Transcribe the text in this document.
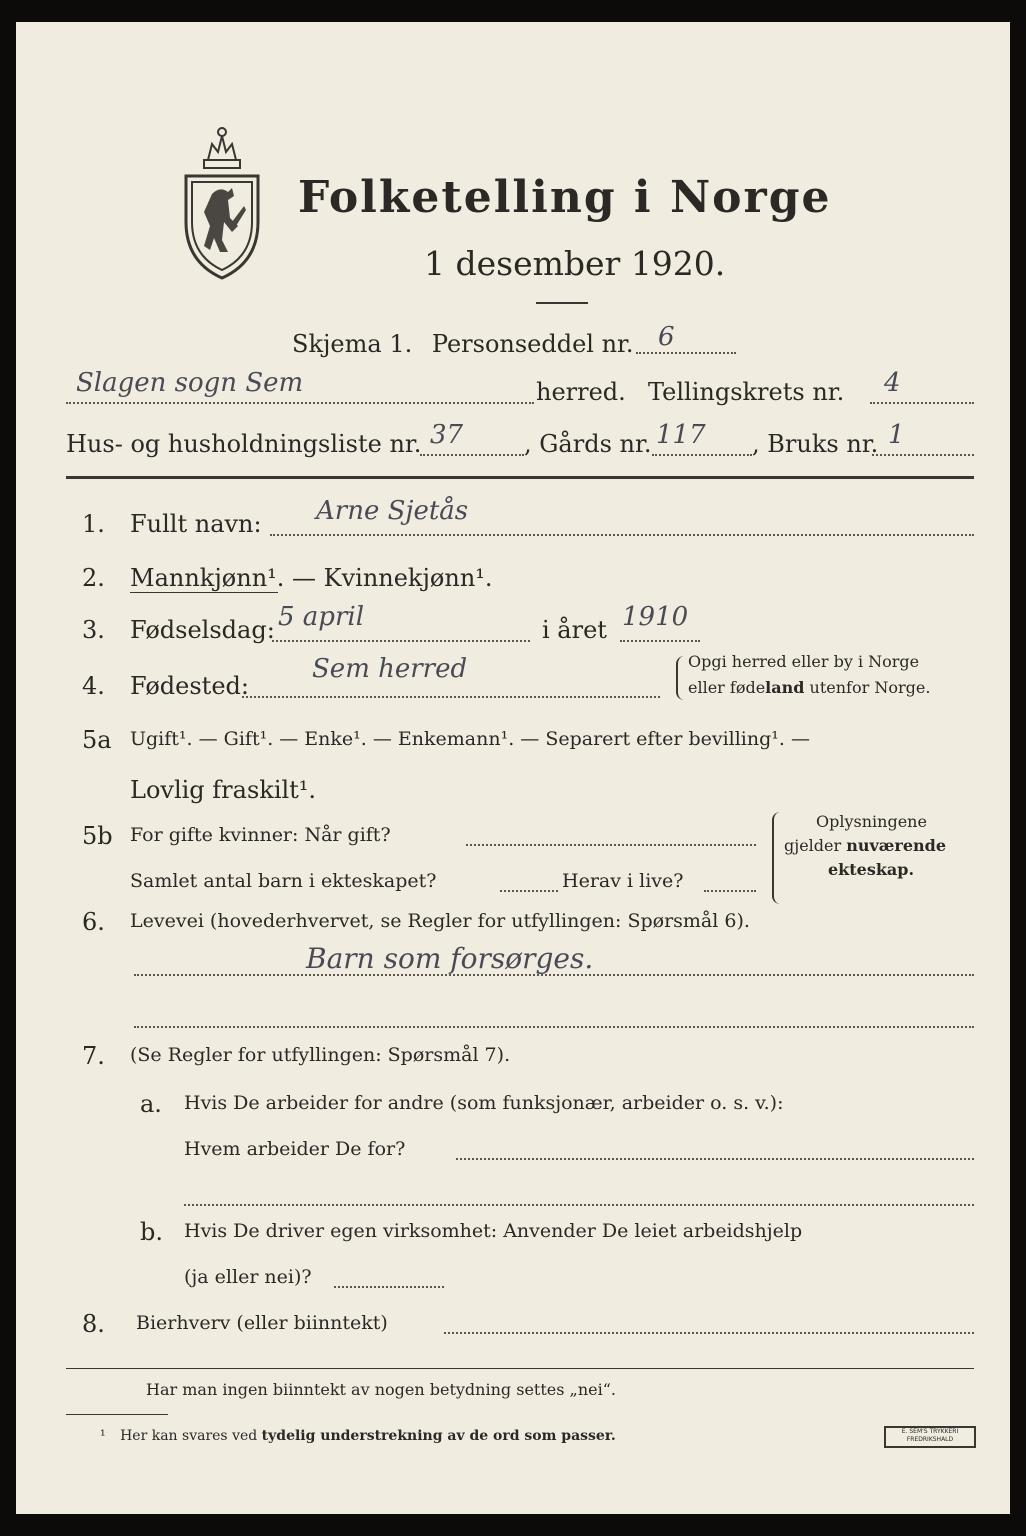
Folketelling i Norge
1 desember 1920.
Skjema 1. Personseddel nr. 6
Slagen sogn Sem	herred. Tellingskrets nr. 4
Hus- og husholdningsliste nr. 37	, Gårds nr. 117 , Bruks nr. 1
1. Fullt navn: Arne Sjetås
2. Mannkjønn¹. — Kvinnekjønn¹.
3. Fødselsdag: 5 april	i året 1910
4. Fødested:
Sem herred	Opgi herred eller by i Norge
eller fødeland utenfor Norge.
5a Ugift¹. — Gift¹. — Enke¹. — Enkemann¹. — Separert efter bevilling¹. —
Lovlig fraskilt¹.
5b For gifte kvinner: Når gift?
Samlet antal barn i ekteskapet?	Herav i live?
Oplysningene
gjelder nuværende
ekteskap.
6. Levevei (hovederhvervet, se Regler for utfyllingen: Spørsmål 6).
Barn som forsørges.
7. (Se Regler for utfyllingen: Spørsmål 7).
a. Hvis De arbeider for andre (som funksjonær, arbeider o. s. v.):
Hvem arbeider De for?
b. Hvis De driver egen virksomhet: Anvender De leiet arbeidshjelp
(ja eller nei)?
8. Bierhverv (eller biinntekt)
Har man ingen biinntekt av nogen betydning settes „nei“.
¹ Her kan svares ved tydelig understrekning av de ord som passer.	E. SEM'S TRYKKERI
FREDRIKSHALD
